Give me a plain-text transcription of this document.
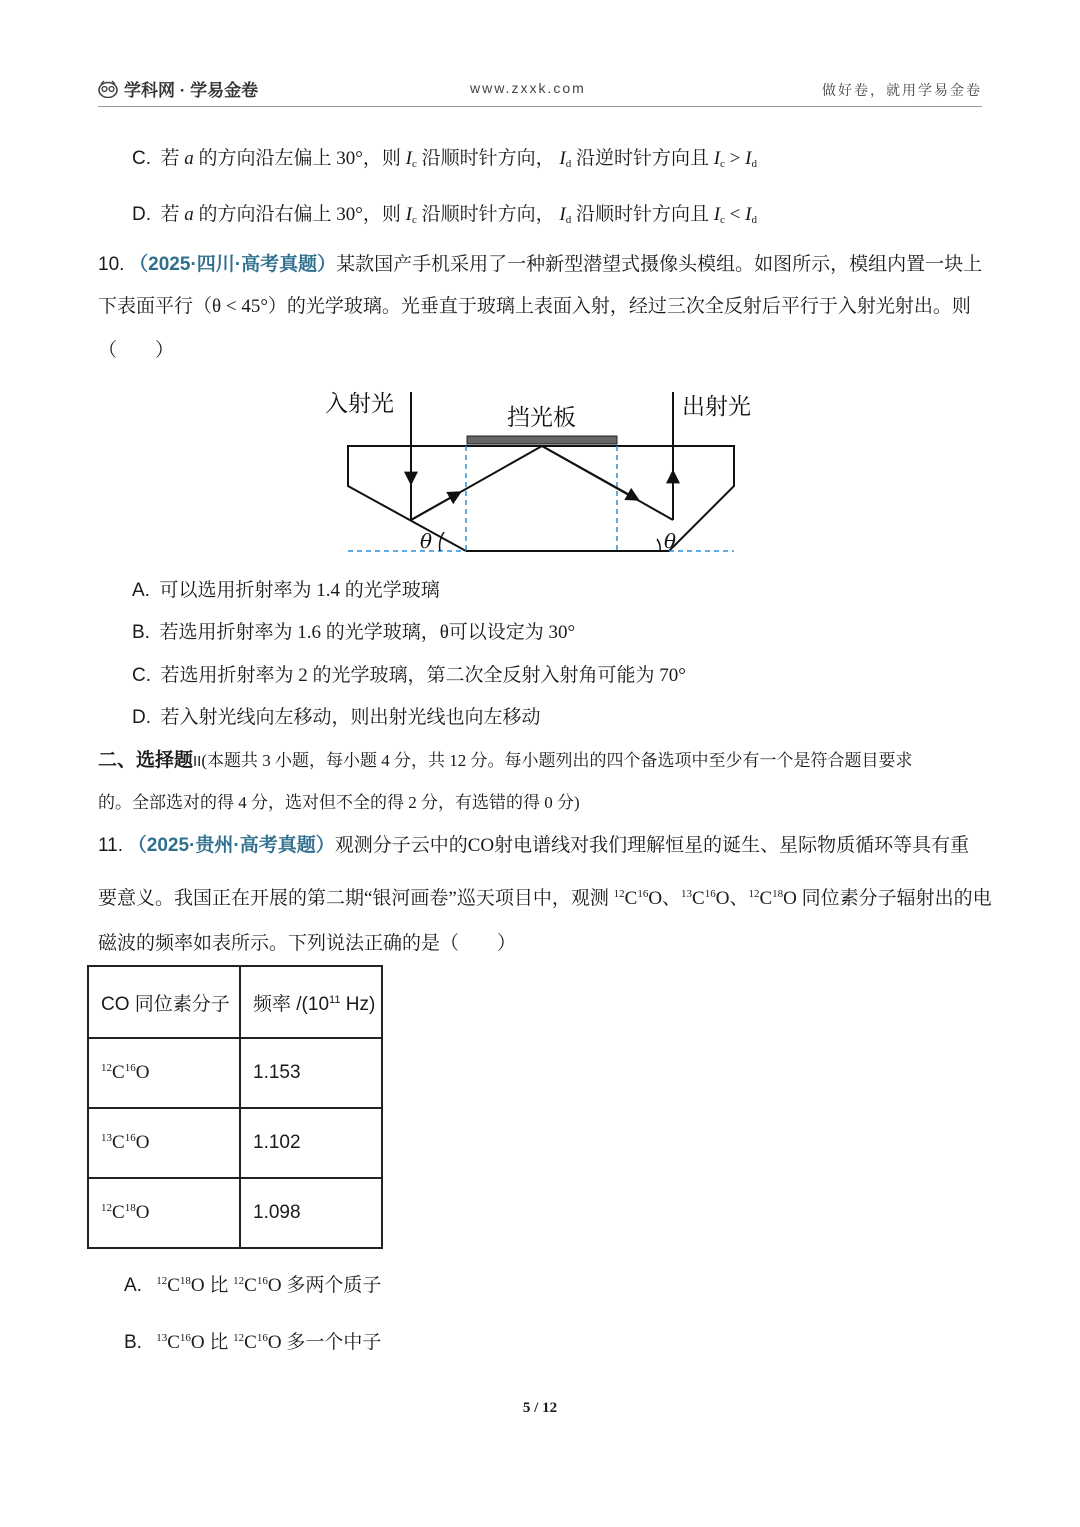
学科网 · 学易金卷	www.zxxk.com	做好卷，就用学易金卷
C. 若 a 的方向沿左偏上 30°，则 $I_c$ 沿顺时针方向， $I_d$ 沿逆时针方向且 $I_c > I_d$
D. 若 a 的方向沿右偏上 30°，则 $I_c$ 沿顺时针方向， $I_d$ 沿顺时针方向且 $I_c < I_d$
10. （2025·四川·高考真题）某款国产手机采用了一种新型潜望式摄像头模组。如图所示，模组内置一块上
下表面平行（θ < 45°）的光学玻璃。光垂直于玻璃上表面入射，经过三次全反射后平行于入射光射出。则
（　　）
入射光	出射光
挡光板
θ	θ
A. 可以选用折射率为 1.4 的光学玻璃
B. 若选用折射率为 1.6 的光学玻璃，θ可以设定为 30°
C. 若选用折射率为 2 的光学玻璃，第二次全反射入射角可能为 70°
D. 若入射光线向左移动，则出射光线也向左移动
二、选择题II(本题共 3 小题，每小题 4 分，共 12 分。每小题列出的四个备选项中至少有一个是符合题目要求
的。全部选对的得 4 分，选对但不全的得 2 分，有选错的得 0 分)
11. （2025·贵州·高考真题）观测分子云中的CO射电谱线对我们理解恒星的诞生、星际物质循环等具有重
要意义。我国正在开展的第二期“银河画卷”巡天项目中，观测 $^{12}C^{16}O$、$^{13}C^{16}O$、$^{12}C^{18}O$ 同位素分子辐射出的电
磁波的频率如表所示。下列说法正确的是（　　）
CO 同位素分子	频率 $/(10^{11}$ Hz)
$^{12}C^{16}O$	1.153
$^{13}C^{16}O$	1.102
$^{12}C^{18}O$	1.098
A. $^{12}C^{18}O$ 比 $^{12}C^{16}O$ 多两个质子
B. $^{13}C^{16}O$ 比 $^{12}C^{16}O$ 多一个中子
5 / 12
